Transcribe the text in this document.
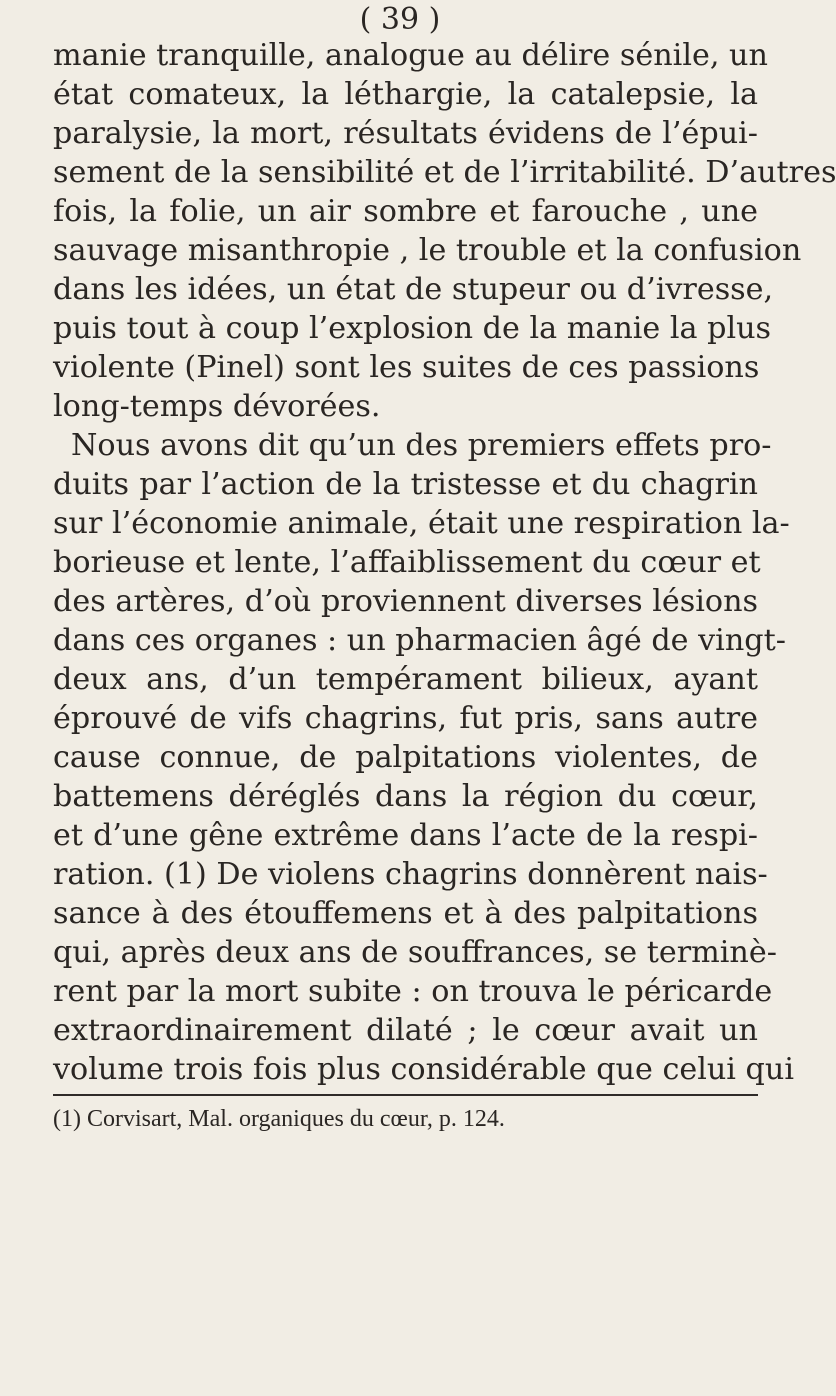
( 39 )
manie tranquille, analogue au délire sénile, un
état comateux, la léthargie, la catalepsie, la
paralysie, la mort, résultats évidens de l’épui-
sement de la sensibilité et de l’irritabilité. D’autres
fois, la folie, un air sombre et farouche , une
sauvage misanthropie , le trouble et la confusion
dans les idées, un état de stupeur ou d’ivresse,
puis tout à coup l’explosion de la manie la plus
violente (Pinel) sont les suites de ces passions
long-temps dévorées.
Nous avons dit qu’un des premiers effets pro-
duits par l’action de la tristesse et du chagrin
sur l’économie animale, était une respiration la-
borieuse et lente, l’affaiblissement du cœur et
des artères, d’où proviennent diverses lésions
dans ces organes : un pharmacien âgé de vingt-
deux ans, d’un tempérament bilieux, ayant
éprouvé de vifs chagrins, fut pris, sans autre
cause connue, de palpitations violentes, de
battemens déréglés dans la région du cœur,
et d’une gêne extrême dans l’acte de la respi-
ration. (1) De violens chagrins donnèrent nais-
sance à des étouffemens et à des palpitations
qui, après deux ans de souffrances, se terminè-
rent par la mort subite : on trouva le péricarde
extraordinairement dilaté ; le cœur avait un
volume trois fois plus considérable que celui qui
(1) Corvisart, Mal. organiques du cœur, p. 124.
